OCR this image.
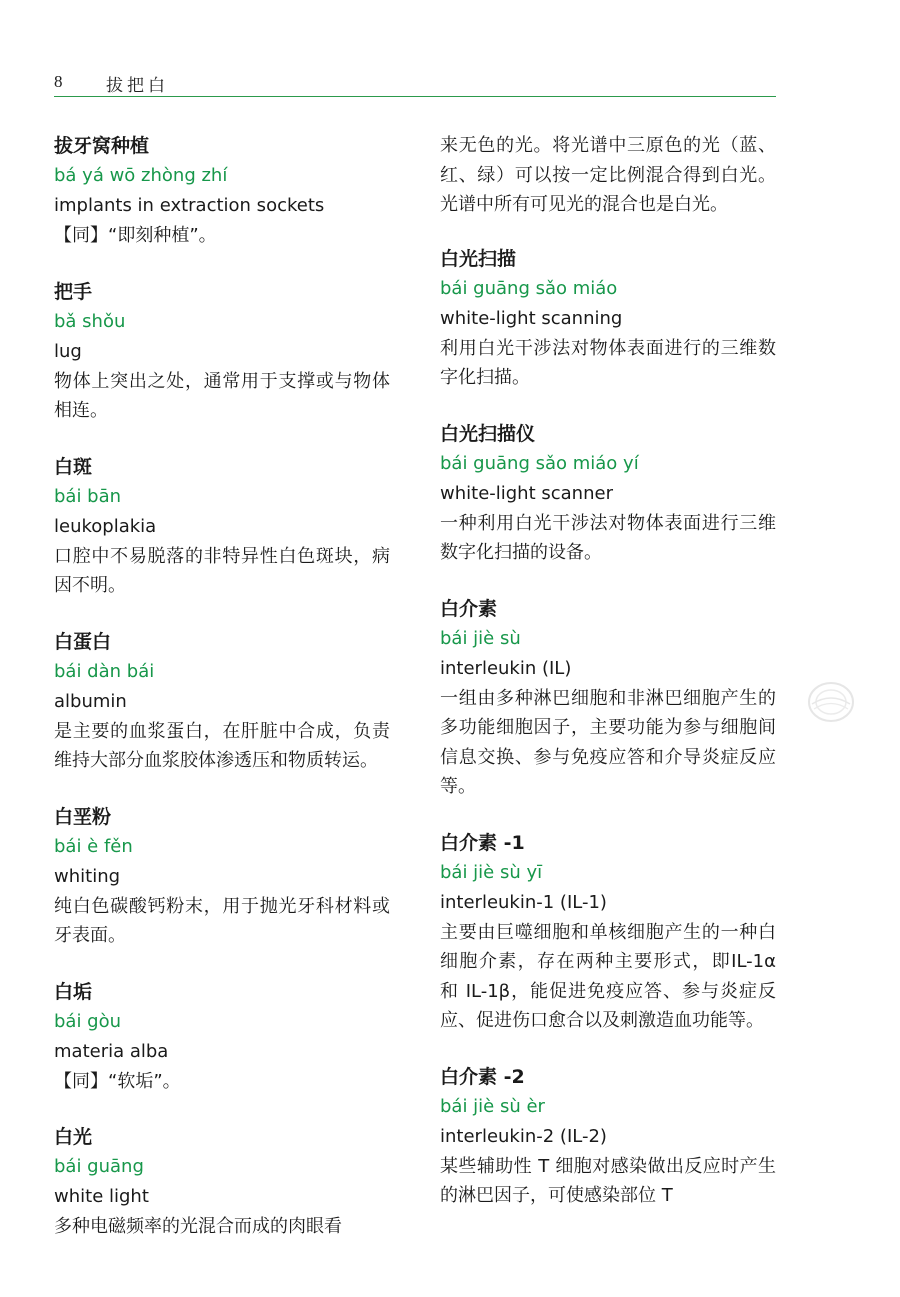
8	拔把白
拔牙窝种植
bá yá wō zhòng zhí
implants in extraction sockets
【同】“即刻种植”。
把手
bǎ shǒu
lug
物体上突出之处，通常用于支撑或与物体相连。
白斑
bái bān
leukoplakia
口腔中不易脱落的非特异性白色斑块，病因不明。
白蛋白
bái dàn bái
albumin
是主要的血浆蛋白，在肝脏中合成，负责维持大部分血浆胶体渗透压和物质转运。
白垩粉
bái è fěn
whiting
纯白色碳酸钙粉末，用于抛光牙科材料或牙表面。
白垢
bái gòu
materia alba
【同】“软垢”。
白光
bái guāng
white light
多种电磁频率的光混合而成的肉眼看
来无色的光。将光谱中三原色的光（蓝、红、绿）可以按一定比例混合得到白光。光谱中所有可见光的混合也是白光。
白光扫描
bái guāng sǎo miáo
white-light scanning
利用白光干涉法对物体表面进行的三维数字化扫描。
白光扫描仪
bái guāng sǎo miáo yí
white-light scanner
一种利用白光干涉法对物体表面进行三维数字化扫描的设备。
白介素
bái jiè sù
interleukin (IL)
一组由多种淋巴细胞和非淋巴细胞产生的多功能细胞因子，主要功能为参与细胞间信息交换、参与免疫应答和介导炎症反应等。
白介素 -1
bái jiè sù yī
interleukin-1 (IL-1)
主要由巨噬细胞和单核细胞产生的一种白细胞介素，存在两种主要形式，即IL-1α 和 IL-1β，能促进免疫应答、参与炎症反应、促进伤口愈合以及刺激造血功能等。
白介素 -2
bái jiè sù èr
interleukin-2 (IL-2)
某些辅助性 T 细胞对感染做出反应时产生的淋巴因子，可使感染部位 T
